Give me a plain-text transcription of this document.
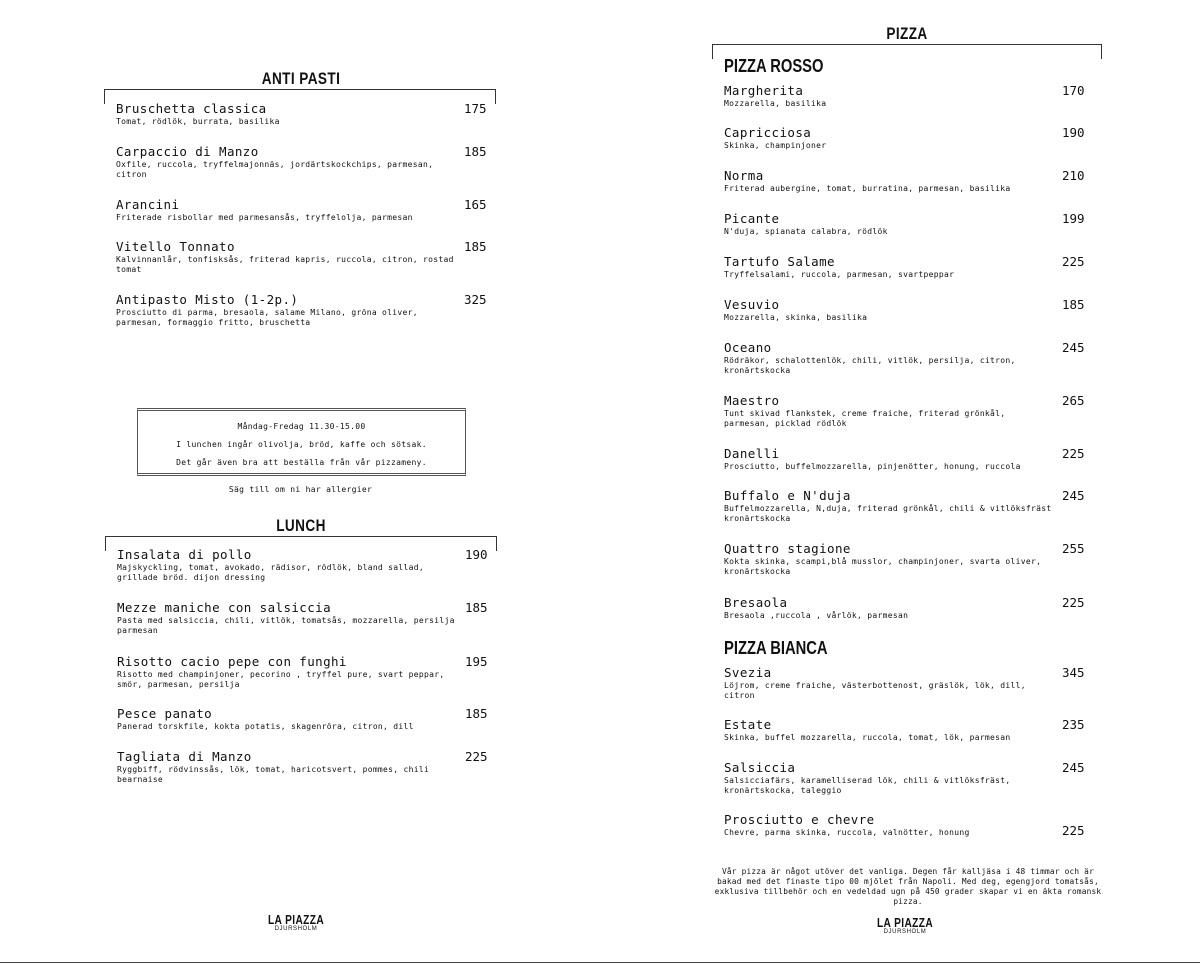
ANTI PASTI
Bruschetta classica
Tomat, rödlök, burrata, basilika
175
Carpaccio di Manzo
Oxfile, ruccola, tryffelmajonnäs, jordärtskockchips, parmesan, citron
185
Arancini
Friterade risbollar med parmesansås, tryffelolja, parmesan
165
Vitello Tonnato
Kalvinnanlår, tonfisksås, friterad kapris, ruccola, citron, rostad tomat
185
Antipasto Misto (1-2p.)
Prosciutto di parma, bresaola, salame Milano, gröna oliver, parmesan, formaggio fritto, bruschetta
325
Måndag-Fredag 11.30-15.00
I lunchen ingår olivolja, bröd, kaffe och sötsak.
Det går även bra att beställa från vår pizzameny.
Säg till om ni har allergier
LUNCH
Insalata di pollo
Majskyckling, tomat, avokado, rädisor, rödlök, bland sallad, grillade bröd. dijon dressing
190
Mezze maniche con salsiccia
Pasta med salsiccia, chili, vitlök, tomatsås, mozzarella, persilja parmesan
185
Risotto cacio pepe con funghi
Risotto med champinjoner, pecorino , tryffel pure, svart peppar, smör, parmesan, persilja
195
Pesce panato
Panerad torskfile, kokta potatis, skagenröra, citron, dill
185
Tagliata di Manzo
Ryggbiff, rödvinssås, lök, tomat, haricotsvert, pommes, chili bearnaise
225
LA PIAZZA
DJURSHOLM
PIZZA
PIZZA ROSSO
Margherita
Mozzarella, basilika
170
Capricciosa
Skinka, champinjoner
190
Norma
Friterad aubergine, tomat, burratina, parmesan, basilika
210
Picante
N'duja, spianata calabra, rödlök
199
Tartufo Salame
Tryffelsalami, ruccola, parmesan, svartpeppar
225
Vesuvio
Mozzarella, skinka, basilika
185
Oceano
Rödräkor, schalottenlök, chili, vitlök, persilja, citron, kronärtskocka
245
Maestro
Tunt skivad flankstek, creme fraiche, friterad grönkål, parmesan, picklad rödlök
265
Danelli
Prosciutto, buffelmozzarella, pinjenötter, honung, ruccola
225
Buffalo e N'duja
Buffelmozzarella, N,duja, friterad grönkål, chili & vitlöksfräst kronärtskocka
245
Quattro stagione
Kokta skinka, scampi,blå musslor, champinjoner, svarta oliver, kronärtskocka
255
Bresaola
Bresaola ,ruccola , vårlök, parmesan
225
PIZZA BIANCA
Svezia
Löjrom, creme fraiche, västerbottenost, gräslök, lök, dill, citron
345
Estate
Skinka, buffel mozzarella, ruccola, tomat, lök, parmesan
235
Salsiccia
Salsicciafärs, karamelliserad lök, chili & vitlöksfräst, kronärtskocka, taleggio
245
Prosciutto e chevre
Chevre, parma skinka, ruccola, valnötter, honung	225
Vår pizza är något utöver det vanliga. Degen får kalljäsa i 48 timmar och är bakad med det finaste tipo 00 mjölet från Napoli. Med deg, egengjord tomatsås, exklusiva tillbehör och en vedeldad ugn på 450 grader skapar vi en äkta romansk pizza.
LA PIAZZA
DJURSHOLM
